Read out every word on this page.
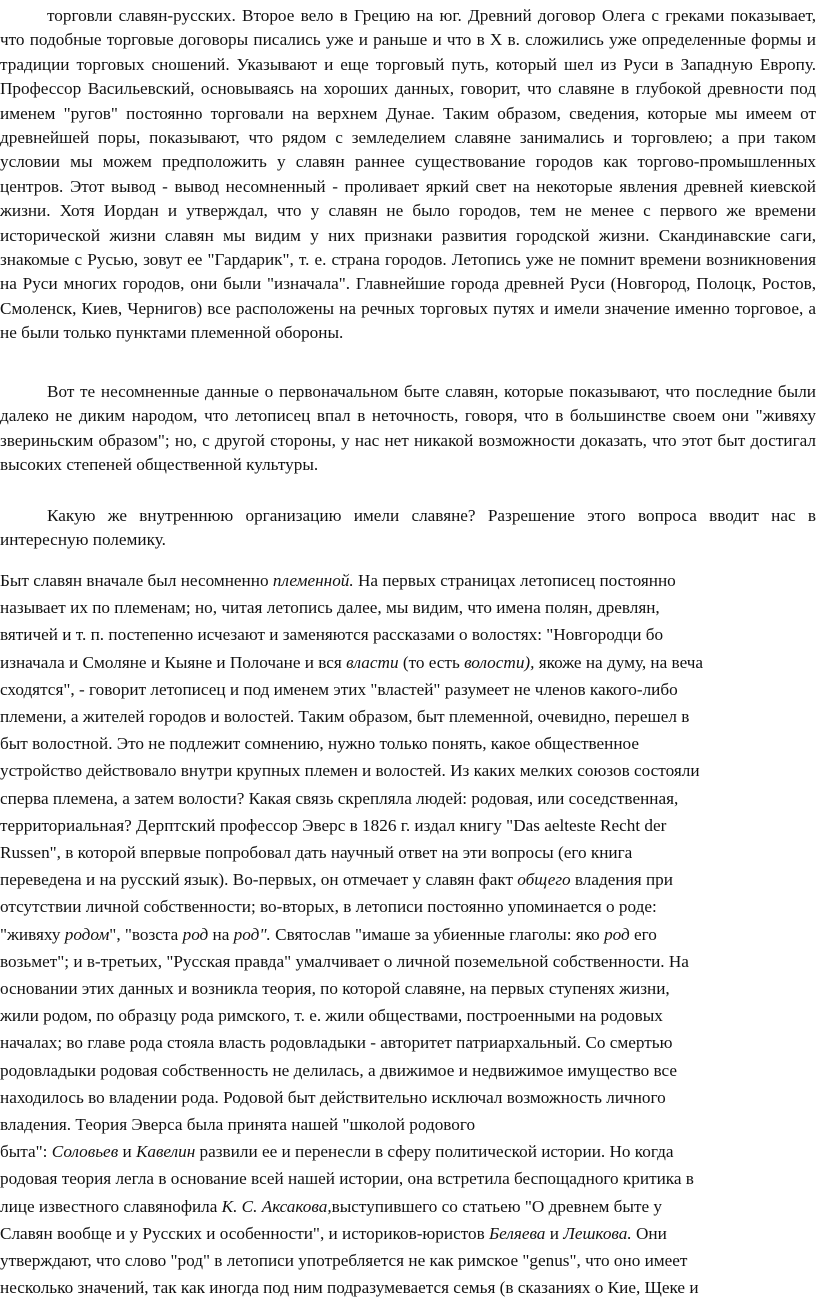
торговли славян-русских. Второе вело в Грецию на юг. Древний договор Олега с греками показывает, что подобные торговые договоры писались уже и раньше и что в X в. сложились уже определенные формы и традиции торговых сношений. Указывают и еще торговый путь, который шел из Руси в Западную Европу. Профессор Васильевский, основываясь на хороших данных, говорит, что славяне в глубокой древности под именем "ругов" постоянно торговали на верхнем Дунае. Таким образом, сведения, которые мы имеем от древнейшей поры, показывают, что рядом с земледелием славяне занимались и торговлею; а при таком условии мы можем предположить у славян раннее существование городов как торгово-промышленных центров. Этот вывод - вывод несомненный - проливает яркий свет на некоторые явления древней киевской жизни. Хотя Иордан и утверждал, что у славян не было городов, тем не менее с первого же времени исторической жизни славян мы видим у них признаки развития городской жизни. Скандинавские саги, знакомые с Русью, зовут ее "Гардарик", т. е. страна городов. Летопись уже не помнит времени возникновения на Руси многих городов, они были "изначала". Главнейшие города древней Руси (Новгород, Полоцк, Ростов, Смоленск, Киев, Чернигов) все расположены на речных торговых путях и имели значение именно торговое, а не были только пунктами племенной обороны.

Вот те несомненные данные о первоначальном быте славян, которые показывают, что последние были далеко не диким народом, что летописец впал в неточность, говоря, что в большинстве своем они "живяху звериньским образом"; но, с другой стороны, у нас нет никакой возможности доказать, что этот быт достигал высоких степеней общественной культуры.

Какую же внутреннюю организацию имели славяне? Разрешение этого вопроса вводит нас в интересную полемику.

Быт славян вначале был несомненно племенной. На первых страницах летописец постоянно
называет их по племенам; но, читая летопись далее, мы видим, что имена полян, древлян,
вятичей и т. п. постепенно исчезают и заменяются рассказами о волостях: "Новгородци бо
изначала и Смоляне и Кыяне и Полочане и вся власти (то есть волости), якоже на думу, на веча
сходятся", - говорит летописец и под именем этих "властей" разумеет не членов какого-либо
племени, а жителей городов и волостей. Таким образом, быт племенной, очевидно, перешел в
быт волостной. Это не подлежит сомнению, нужно только понять, какое общественное
устройство действовало внутри крупных племен и волостей. Из каких мелких союзов состояли
сперва племена, а затем волости? Какая связь скрепляла людей: родовая, или соседственная,
территориальная? Дерптский профессор Эверс в 1826 г. издал книгу "Das aelteste Recht der
Russen", в которой впервые попробовал дать научный ответ на эти вопросы (его книга
переведена и на русский язык). Во-первых, он отмечает у славян факт общего владения при
отсутствии личной собственности; во-вторых, в летописи постоянно упоминается о роде:
"живяху родом", "возста род на род". Святослав "имаше за убиенные глаголы: яко род его
возьмет"; и в-третьих, "Русская правда" умалчивает о личной поземельной собственности. На
основании этих данных и возникла теория, по которой славяне, на первых ступенях жизни,
жили родом, по образцу рода римского, т. е. жили обществами, построенными на родовых
началах; во главе рода стояла власть родовладыки - авторитет патриархальный. Со смертью
родовладыки родовая собственность не делилась, а движимое и недвижимое имущество все
находилось во владении рода. Родовой быт действительно исключал возможность личного
владения. Теория Эверса была принята нашей "школой родового
быта": Соловьев и Кавелин развили ее и перенесли в сферу политической истории. Но когда
родовая теория легла в основание всей нашей истории, она встретила беспощадного критика в
лице известного славянофила К. С. Аксакова,выступившего со статьею "О древнем быте у
Славян вообще и у Русских и особенности", и историков-юристов Беляева и Лешкова. Они
утверждают, что слово "род" в летописи употребляется не как римское "genus", что оно имеет
несколько значений, так как иногда под ним подразумевается семья (в сказаниях о Кие, Щеке и
